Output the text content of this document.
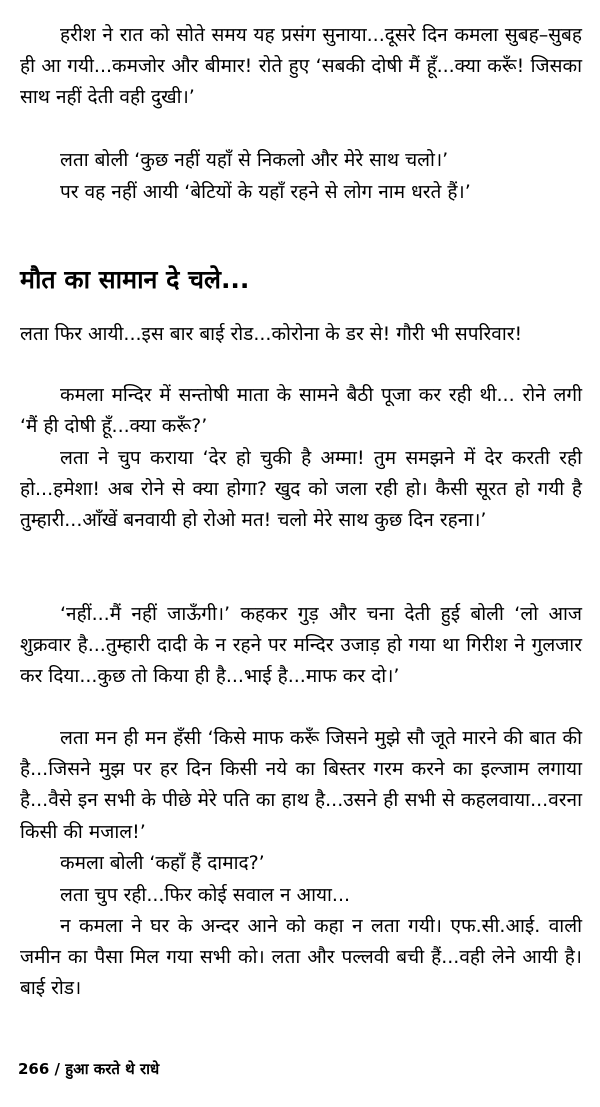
हरीश ने रात को सोते समय यह प्रसंग सुनाया...दूसरे दिन कमला सुबह–सुबह ही आ गयी...कमजोर और बीमार! रोते हुए ‘सबकी दोषी मैं हूँ...क्या करूँ! जिसका साथ नहीं देती वही दुखी।’

लता बोली ‘कुछ नहीं यहाँ से निकलो और मेरे साथ चलो।’

पर वह नहीं आयी ‘बेटियों के यहाँ रहने से लोग नाम धरते हैं।’

मौत का सामान दे चले...

लता फिर आयी...इस बार बाई रोड...कोरोना के डर से! गौरी भी सपरिवार!

कमला मन्दिर में सन्तोषी माता के सामने बैठी पूजा कर रही थी... रोने लगी ‘मैं ही दोषी हूँ...क्या करूँ?’

लता ने चुप कराया ‘देर हो चुकी है अम्मा! तुम समझने में देर करती रही हो...हमेशा! अब रोने से क्या होगा? खुद को जला रही हो। कैसी सूरत हो गयी है तुम्हारी...आँखें बनवायी हो रोओ मत! चलो मेरे साथ कुछ दिन रहना।’

‘नहीं...मैं नहीं जाऊँगी।’ कहकर गुड़ और चना देती हुई बोली ‘लो आज शुक्रवार है...तुम्हारी दादी के न रहने पर मन्दिर उजाड़ हो गया था गिरीश ने गुलजार कर दिया...कुछ तो किया ही है...भाई है...माफ कर दो।’

लता मन ही मन हँसी ‘किसे माफ करूँ जिसने मुझे सौ जूते मारने की बात की है...जिसने मुझ पर हर दिन किसी नये का बिस्तर गरम करने का इल्जाम लगाया है...वैसे इन सभी के पीछे मेरे पति का हाथ है...उसने ही सभी से कहलवाया...वरना किसी की मजाल!’

कमला बोली ‘कहाँ हैं दामाद?’

लता चुप रही...फिर कोई सवाल न आया...

न कमला ने घर के अन्दर आने को कहा न लता गयी। एफ.सी.आई. वाली जमीन का पैसा मिल गया सभी को। लता और पल्लवी बची हैं...वही लेने आयी है। बाई रोड।

266 / हुआ करते थे राधे
